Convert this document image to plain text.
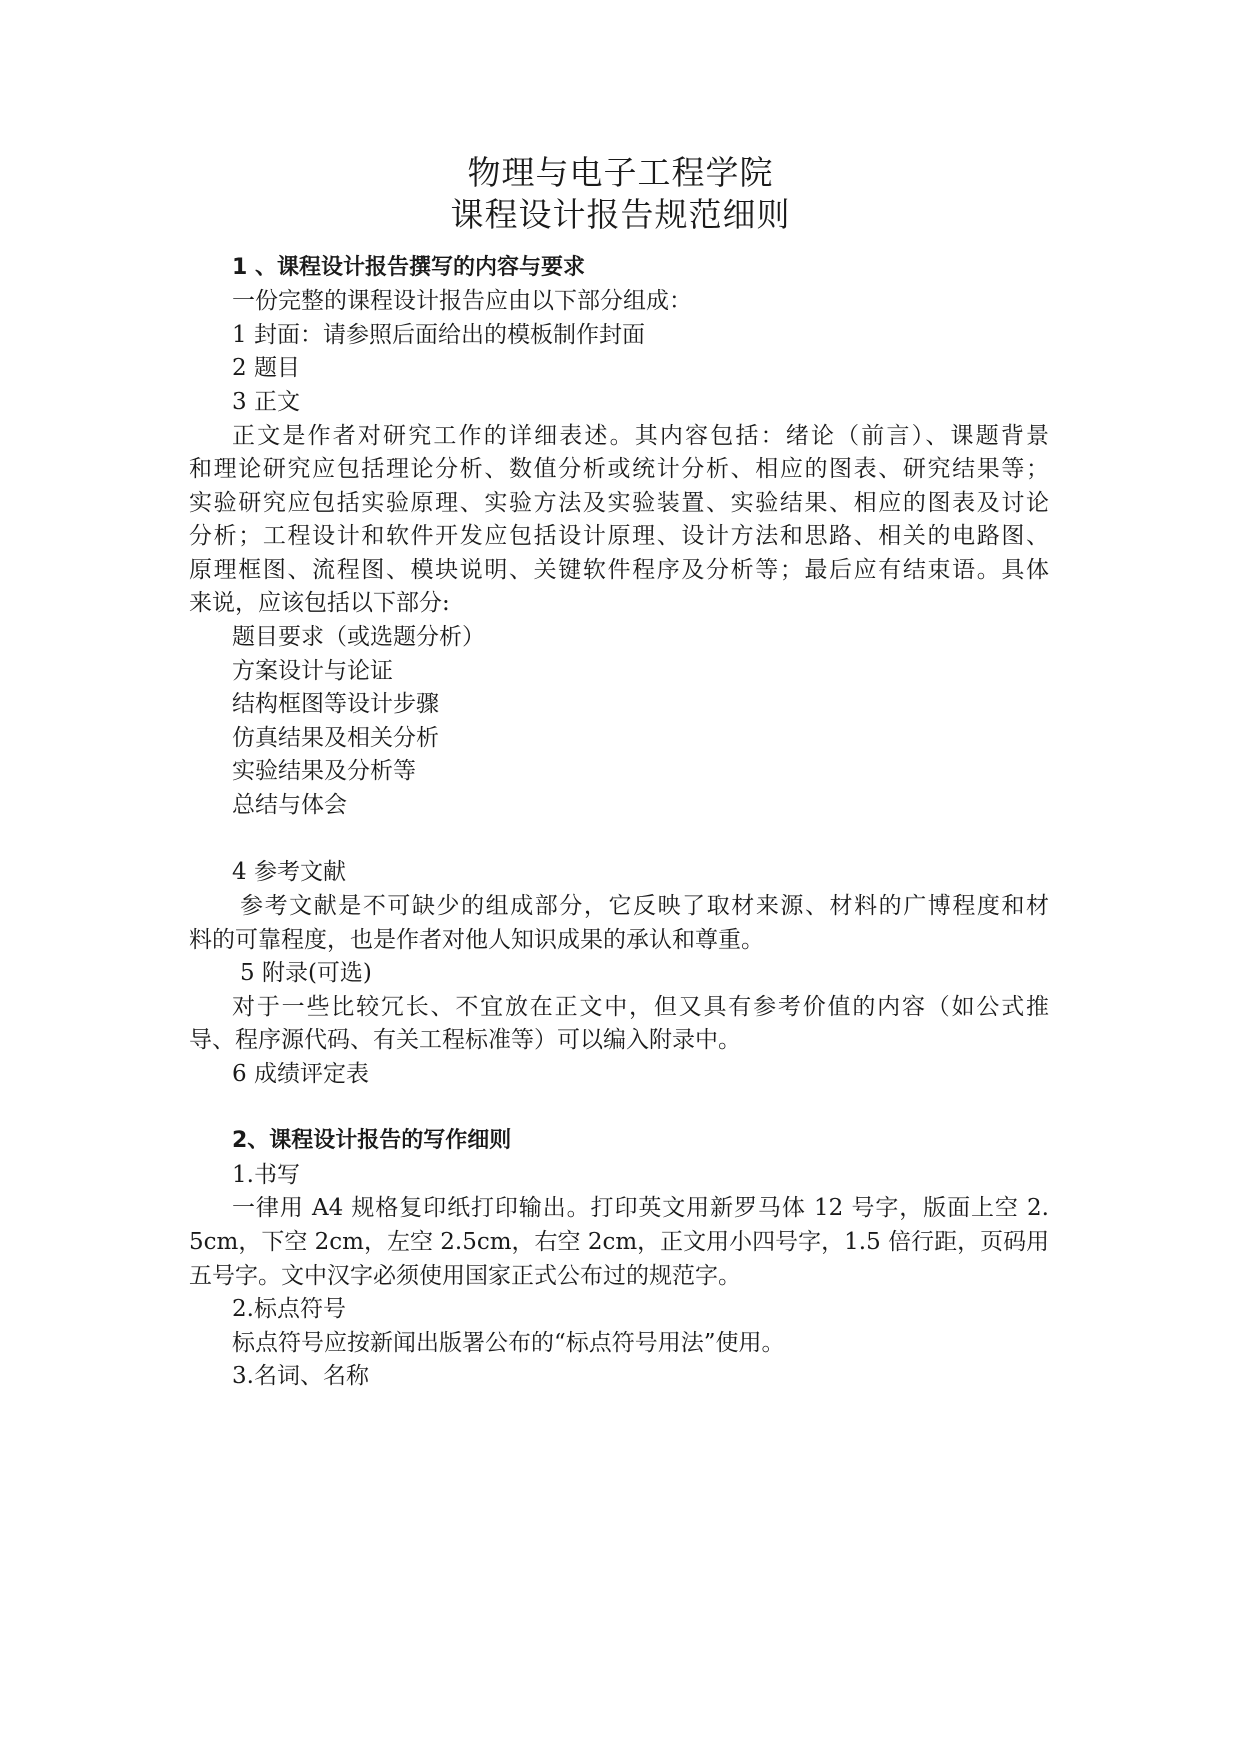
物理与电子工程学院
课程设计报告规范细则
1 、课程设计报告撰写的内容与要求
一份完整的课程设计报告应由以下部分组成：
1 封面：请参照后面给出的模板制作封面
2 题目
3 正文
正文是作者对研究工作的详细表述。其内容包括：绪论（前言）、课题背景
和理论研究应包括理论分析、数值分析或统计分析、相应的图表、研究结果等；
实验研究应包括实验原理、实验方法及实验装置、实验结果、相应的图表及讨论
分析；工程设计和软件开发应包括设计原理、设计方法和思路、相关的电路图、
原理框图、流程图、模块说明、关键软件程序及分析等；最后应有结束语。具体
来说，应该包括以下部分:
题目要求（或选题分析）
方案设计与论证
结构框图等设计步骤
仿真结果及相关分析
实验结果及分析等
总结与体会
4 参考文献
参考文献是不可缺少的组成部分，它反映了取材来源、材料的广博程度和材
料的可靠程度，也是作者对他人知识成果的承认和尊重。
5 附录(可选)
对于一些比较冗长、不宜放在正文中，但又具有参考价值的内容（如公式推
导、程序源代码、有关工程标准等）可以编入附录中。
6 成绩评定表
2、课程设计报告的写作细则
1.书写
一律用 A4 规格复印纸打印输出。打印英文用新罗马体 12 号字，版面上空 2.
5cm，下空 2cm，左空 2.5cm，右空 2cm，正文用小四号字，1.5 倍行距，页码用
五号字。文中汉字必须使用国家正式公布过的规范字。
2.标点符号
标点符号应按新闻出版署公布的“标点符号用法”使用。
3.名词、名称
